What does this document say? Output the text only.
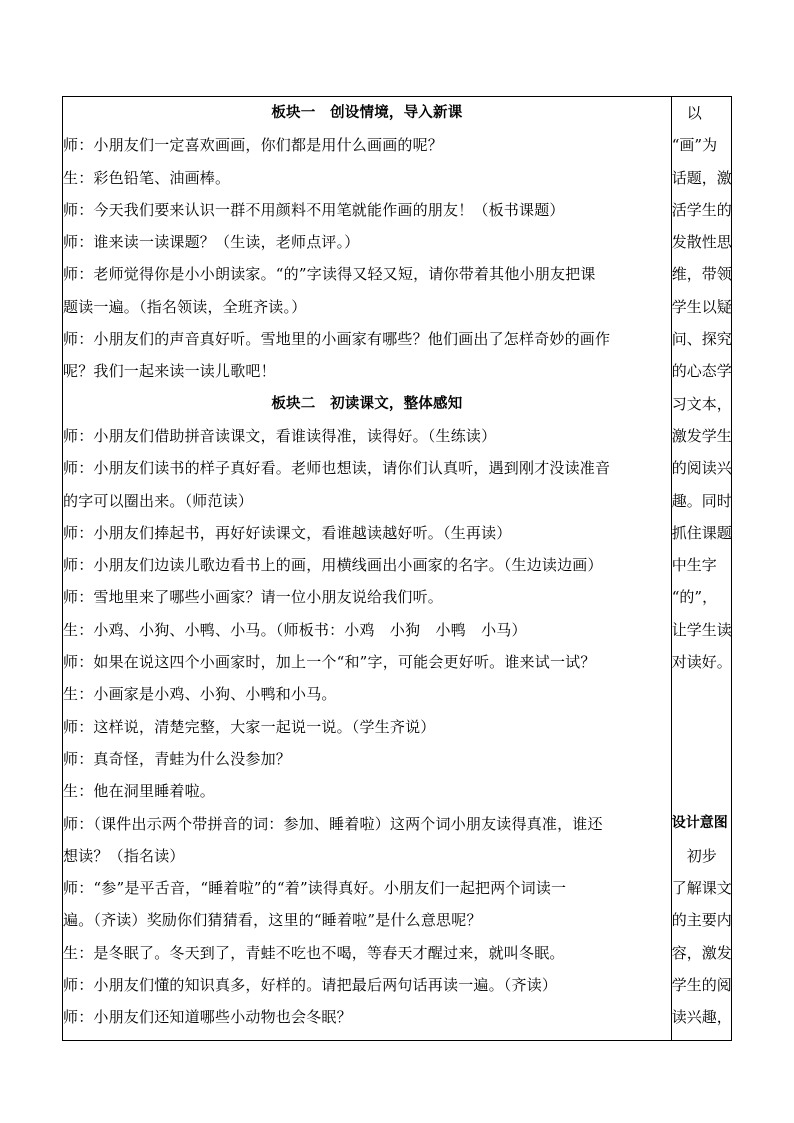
板块一　创设情境，导入新课
师：小朋友们一定喜欢画画，你们都是用什么画画的呢？
生：彩色铅笔、油画棒。
师：今天我们要来认识一群不用颜料不用笔就能作画的朋友！（板书课题）
师：谁来读一读课题？（生读，老师点评。）
师：老师觉得你是小小朗读家。“的”字读得又轻又短，请你带着其他小朋友把课
题读一遍。（指名领读，全班齐读。）
师：小朋友们的声音真好听。雪地里的小画家有哪些？他们画出了怎样奇妙的画作
呢？我们一起来读一读儿歌吧！
板块二　初读课文，整体感知
师：小朋友们借助拼音读课文，看谁读得准，读得好。（生练读）
师：小朋友们读书的样子真好看。老师也想读，请你们认真听，遇到刚才没读准音
的字可以圈出来。（师范读）
师：小朋友们捧起书，再好好读课文，看谁越读越好听。（生再读）
师：小朋友们边读儿歌边看书上的画，用横线画出小画家的名字。（生边读边画）
师：雪地里来了哪些小画家？请一位小朋友说给我们听。
生：小鸡、小狗、小鸭、小马。（师板书：小鸡　小狗　小鸭　小马）
师：如果在说这四个小画家时，加上一个“和”字，可能会更好听。谁来试一试？
生：小画家是小鸡、小狗、小鸭和小马。
师：这样说，清楚完整，大家一起说一说。（学生齐说）
师：真奇怪，青蛙为什么没参加？
生：他在洞里睡着啦。
师：（课件出示两个带拼音的词：参加、睡着啦）这两个词小朋友读得真准，谁还
想读？（指名读）
师：“参”是平舌音，“睡着啦”的“着”读得真好。小朋友们一起把两个词读一
遍。（齐读）奖励你们猜猜看，这里的“睡着啦”是什么意思呢？
生：是冬眠了。冬天到了，青蛙不吃也不喝，等春天才醒过来，就叫冬眠。
师：小朋友们懂的知识真多，好样的。请把最后两句话再读一遍。（齐读）
师：小朋友们还知道哪些小动物也会冬眠？

　以
“画”为
话题，激
活学生的
发散性思
维，带领
学生以疑
问、探究
的心态学
习文本，
激发学生
的阅读兴
趣。同时
抓住课题
中生字
“的”，
让学生读
对读好。
设计意图
　初步
了解课文
的主要内
容，激发
学生的阅
读兴趣，
